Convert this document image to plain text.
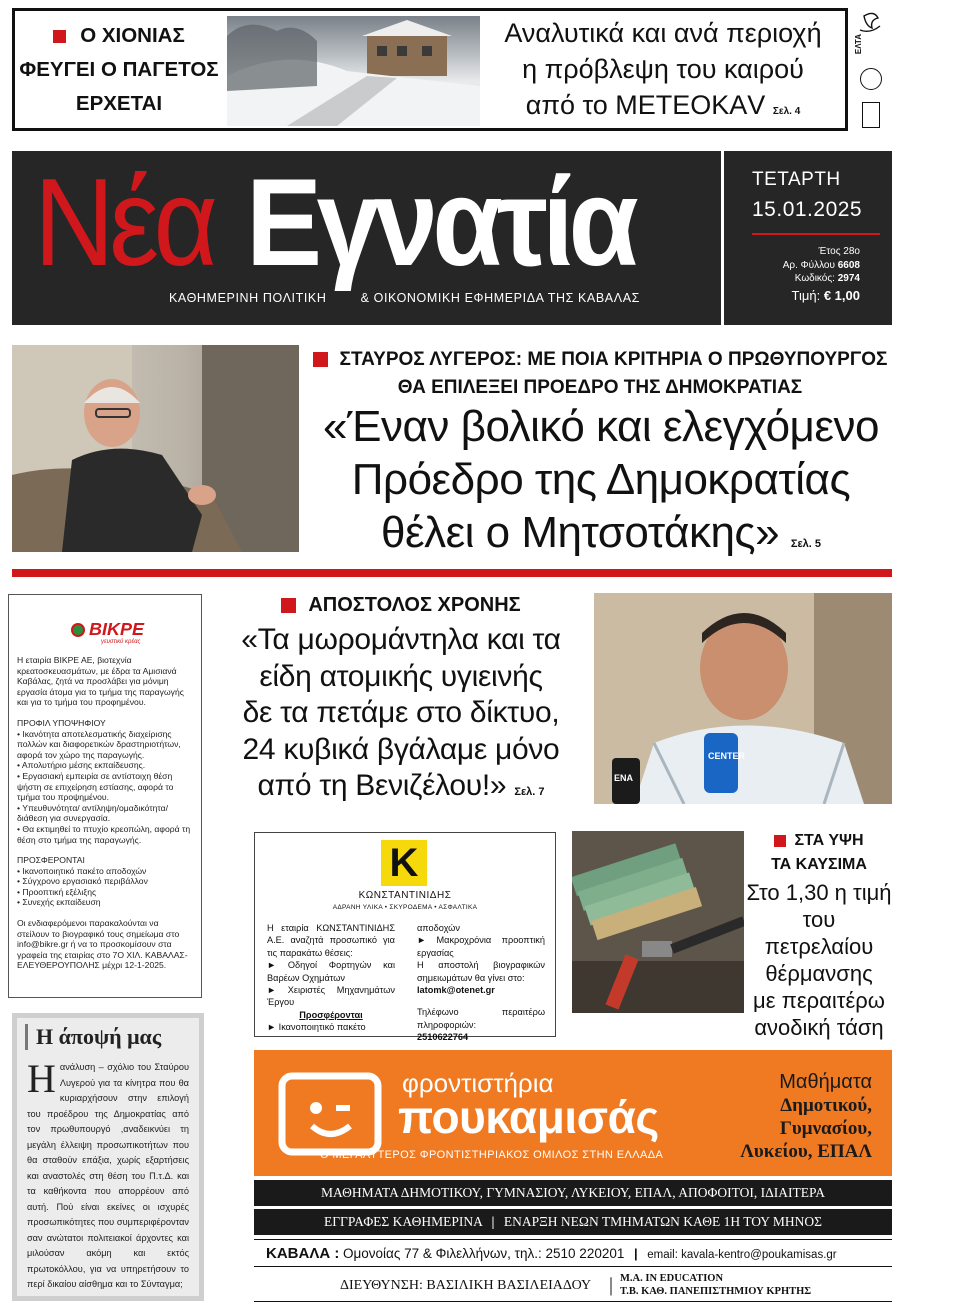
Ο ΧΙΟΝΙΑΣ
ΦΕΥΓΕΙ Ο ΠΑΓΕΤΟΣ
ΕΡΧΕΤΑΙ
Αναλυτικά και ανά περιοχή
η πρόβλεψη του καιρού
από το ΜΕΤΕΟΚΑV Σελ. 4
ΕΛΤΑ
Νέα Εγνατία
ΚΑΘΗΜΕΡΙΝΗ ΠΟΛΙΤΙΚΗ	& ΟΙΚΟΝΟΜΙΚΗ ΕΦΗΜΕΡΙΔΑ ΤΗΣ ΚΑΒΑΛΑΣ
ΤΕΤΑΡΤΗ
15.01.2025
Έτος 28ο
Αρ. Φύλλου 6608
Κωδικός: 2974
Τιμή: € 1,00
ΣΤΑΥΡΟΣ ΛΥΓΕΡΟΣ: ΜΕ ΠΟΙΑ ΚΡΙΤΗΡΙΑ Ο ΠΡΩΘΥΠΟΥΡΓΟΣ
ΘΑ ΕΠΙΛΕΞΕΙ ΠΡΟΕΔΡΟ ΤΗΣ ΔΗΜΟΚΡΑΤΙΑΣ
«Έναν βολικό και ελεγχόμενο
Πρόεδρο της Δημοκρατίας
θέλει ο Μητσοτάκης» Σελ. 5
ΒΙΚΡΕ
γευστικό κρέας

Η εταιρία ΒΙΚΡΕ ΑΕ, βιοτεχνία κρεατοσκευασμάτων, με έδρα τα Αμισιανά Καβάλας, ζητά να προσλάβει για μόνιμη εργασία άτομα για το τμήμα της παραγωγής και για το τμήμα του προφημένου.

ΠΡΟΦΙΛ ΥΠΟΨΗΦΙΟΥ
• Ικανότητα αποτελεσματικής διαχείρισης πολλών και διαφορετικών δραστηριοτήτων, αφορά τον χώρο της παραγωγής.
• Απολυτήριο μέσης εκπαίδευσης.
• Εργασιακή εμπειρία σε αντίστοιχη θέση ψήστη σε επιχείρηση εστίασης, αφορά το τμήμα του προψημένου.
• Υπευθυνότητα/ αντίληψη/ομαδικότητα/ διάθεση για συνεργασία.
• Θα εκτιμηθεί το πτυχίο κρεοπώλη, αφορά τη θέση στο τμήμα της παραγωγής.
ΠΡΟΣΦΕΡΟΝΤΑΙ
• Ικανοποιητικό πακέτο αποδοχών
• Σύγχρονο εργασιακό περιβάλλον
• Προοπτική εξέλιξης
• Συνεχής εκπαίδευση
Οι ενδιαφερόμενοι παρακαλούνται να στείλουν το βιογραφικό τους σημείωμα στο info@bikre.gr ή να το προσκομίσουν στα γραφεία της εταιρίας στο 7Ο ΧΙΛ. ΚΑΒΑΛΑΣ- ΕΛΕΥΘΕΡΟΥΠΟΛΗΣ μέχρι 12-1-2025.
Η άποψή μας
Η ανάλυση – σχόλιο του Σταύρου Λυγερού για τα κίνητρα που θα κυριαρχήσουν στην επιλογή του προέδρου της Δημοκρατίας από τον πρωθυπουργό ,αναδεικνύει τη μεγάλη έλλειψη προσωπικοτήτων που θα σταθούν επάξια, χωρίς εξαρτήσεις και αναστολές στη θέση του Π.τ.Δ. και τα καθήκοντα που απορρέουν από αυτή. Πού είναι εκείνες οι ισχυρές προσωπικότητες που συμπεριφέρονταν σαν ανώτατοι πολιτειακοί άρχοντες και μιλούσαν ακόμη και εκτός πρωτοκόλλου, για να υπηρετήσουν το περί δικαίου αίσθημα και το Σύνταγμα;
ΑΠΟΣΤΟΛΟΣ ΧΡΟΝΗΣ
«Τα μωρομάντηλα και τα
είδη ατομικής υγιεινής
δε τα πετάμε στο δίκτυο,
24 κυβικά βγάλαμε μόνο
από τη Βενιζέλου!» Σελ. 7
CENTER
ENA
Κ
ΚΩΝΣΤΑΝΤΙΝΙΔΗΣ
ΑΔΡΑΝΗ ΥΛΙΚΑ • ΣΚΥΡΟΔΕΜΑ • ΑΣΦΑΛΤΙΚΑ
Η εταιρία ΚΩΝΣΤΑΝΤΙΝΙΔΗΣ Α.Ε. αναζητά προσωπικό για τις παρακάτω θέσεις:
► Οδηγοί Φορτηγών και Βαρέων Οχημάτων
► Χειριστές Μηχανημάτων Έργου
Προσφέρονται
► Ικανοποιητικό πακέτο
αποδοχών
► Μακροχρόνια προοπτική εργασίας
Η αποστολή βιογραφικών σημειωμάτων θα γίνει στο:
latomk@otenet.gr
Τηλέφωνο περαιτέρω πληροφοριών:
2510622764
ΣΤΑ ΥΨΗ
ΤΑ ΚΑΥΣΙΜΑ
Στο 1,30 η τιμή
του πετρελαίου
θέρμανσης
με περαιτέρω
ανοδική τάση
φροντιστήρια
πουκαμισάς
Ο ΜΕΓΑΛΥΤΕΡΟΣ ΦΡΟΝΤΙΣΤΗΡΙΑΚΟΣ ΟΜΙΛΟΣ ΣΤΗΝ ΕΛΛΑΔΑ
Μαθήματα
Δημοτικού,
Γυμνασίου,
Λυκείου, ΕΠΑΛ
ΜΑΘΗΜΑΤΑ ΔΗΜΟΤΙΚΟΥ, ΓΥΜΝΑΣΙΟΥ, ΛΥΚΕΙΟΥ, ΕΠΑΛ, ΑΠΟΦΟΙΤΟΙ, ΙΔΙΑΙΤΕΡΑ
ΕΓΓΡΑΦΕΣ ΚΑΘΗΜΕΡΙΝΑ | ΕΝΑΡΞΗ ΝΕΩΝ ΤΜΗΜΑΤΩΝ ΚΑΘΕ 1Η ΤΟΥ ΜΗΝΟΣ
ΚΑΒΑΛΑ : Ομονοίας 77 & Φιλελλήνων, τηλ.: 2510 220201 | email: kavala-kentro@poukamisas.gr
ΔΙΕΥΘΥΝΣΗ: ΒΑΣΙΛΙΚΗ ΒΑΣΙΛΕΙΑΔΟΥ | M.A. IN EDUCATION
Τ.Β. ΚΑΘ. ΠΑΝΕΠΙΣΤΗΜΙΟΥ ΚΡΗΤΗΣ
